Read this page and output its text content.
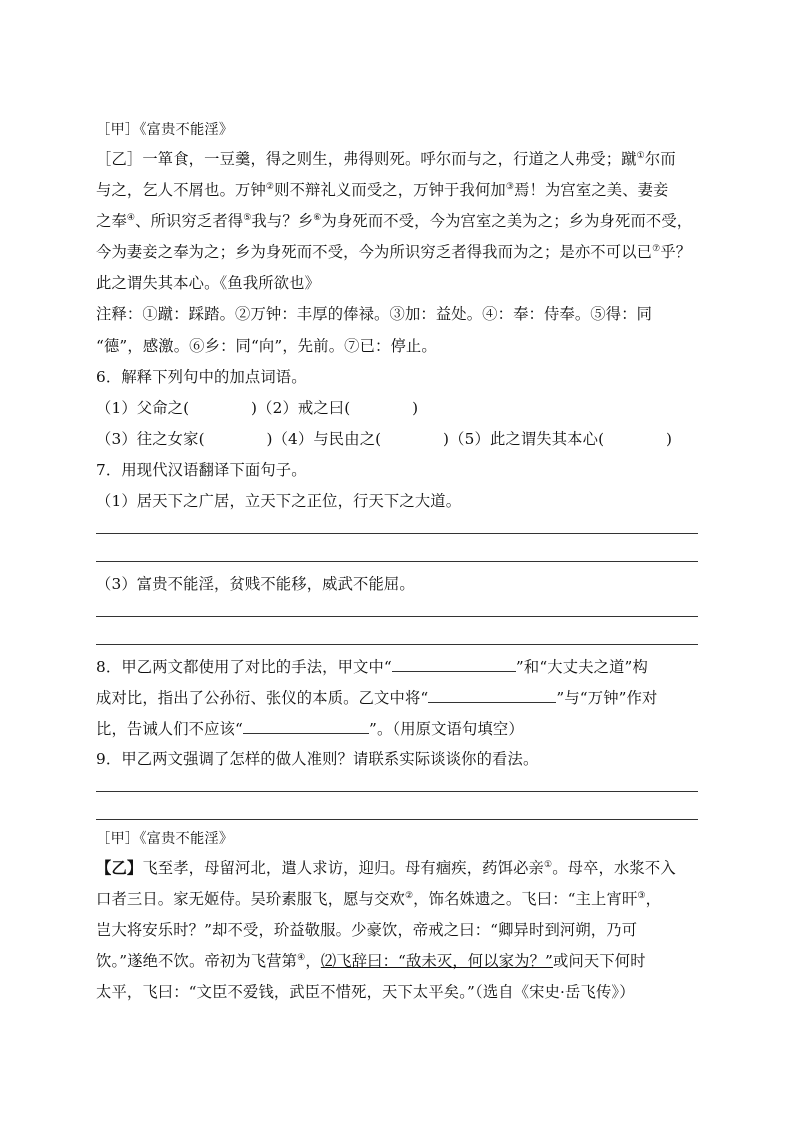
［甲］《富贵不能淫》
［乙］一箪食，一豆羹，得之则生，弗得则死。呼尔而与之，行道之人弗受；蹴①尔而
与之，乞人不屑也。万钟②则不辩礼义而受之，万钟于我何加③焉！为宫室之美、妻妾
之奉④、所识穷乏者得⑤我与？乡⑥为身死而不受，今为宫室之美为之；乡为身死而不受，
今为妻妾之奉为之；乡为身死而不受，今为所识穷乏者得我而为之；是亦不可以已⑦乎？
此之谓失其本心。《鱼我所欲也》
注释：①蹴：踩踏。②万钟：丰厚的俸禄。③加：益处。④：奉：侍奉。⑤得：同
“德”，感激。⑥乡：同“向”，先前。⑦已：停止。
6．解释下列句中的加点词语。
（1）父命之(　　　　)（2）戒之曰(　　　　)
（3）往之女家(　　　　)（4）与民由之(　　　　)（5）此之谓失其本心(　　　　)
7．用现代汉语翻译下面句子。
（1）居天下之广居，立天下之正位，行天下之大道。
（3）富贵不能淫，贫贱不能移，威武不能屈。
8．甲乙两文都使用了对比的手法，甲文中“	”和“大丈夫之道”构
成对比，指出了公孙衍、张仪的本质。乙文中将“	”与“万钟”作对
比，告诫人们不应该“	”。（用原文语句填空）
9．甲乙两文强调了怎样的做人准则？请联系实际谈谈你的看法。
［甲］《富贵不能淫》
【乙】飞至孝，母留河北，遣人求访，迎归。母有痼疾，药饵必亲①。母卒，水浆不入
口者三日。家无姬侍。吴玠素服飞，愿与交欢②，饰名姝遗之。飞曰：“主上宵旰③，
岂大将安乐时？”却不受，玠益敬服。少豪饮，帝戒之曰：“卿异时到河朔，乃可
饮。”遂绝不饮。帝初为飞营第④，⑵飞辞曰：“敌未灭，何以家为？”或问天下何时
太平，飞曰：“文臣不爱钱，武臣不惜死，天下太平矣。”（选自《宋史·岳飞传》）
